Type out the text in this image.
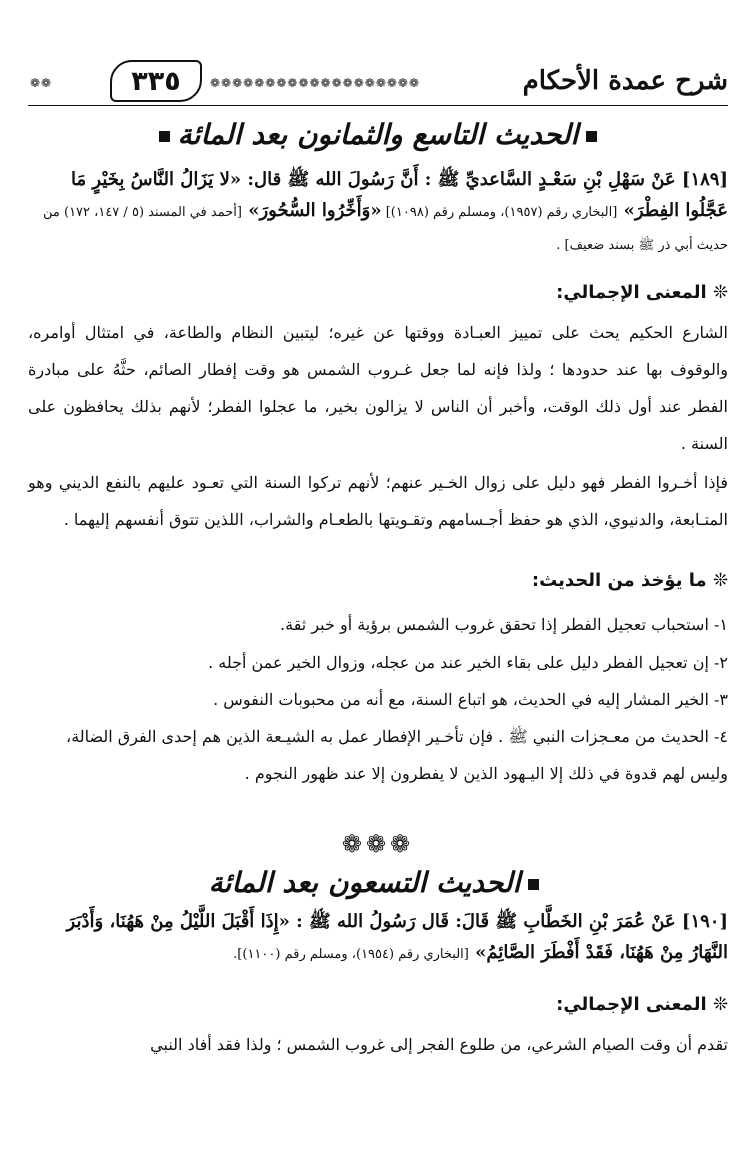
شرح عمدة الأحكام
❁❁❁❁❁❁❁❁❁❁❁❁❁❁❁❁❁❁❁
٣٣٥
❁❁
الحديث التاسع والثمانون بعد المائة
[١٨٩] عَنْ سَهْلِ بْنِ سَعْـدٍ السَّاعديِّ ﷺ : أَنَّ رَسُولَ الله ﷺ قال: «لا يَزَالُ النَّاسُ بِخَيْرٍ مَا عَجَّلُوا الفِطْرَ» [البخاري رقم (١٩٥٧)، ومسلم رقم (١٠٩٨)] «وَأَخِّرُوا السُّحُورَ» [أحمد في المسند (٥ / ١٤٧، ١٧٢) من حديث أبي ذر ﷺ بسند ضعيف] .
❊ المعنى الإجمالي:
الشارع الحكيم يحث على تمييز العبـادة ووقتها عن غيره؛ ليتبين النظام والطاعة، في امتثال أوامره، والوقوف بها عند حدودها ؛ ولذا فإنه لما جعل غـروب الشمس هو وقت إفطار الصائم، حثَّهُ على مبادرة الفطر عند أول ذلك الوقت، وأخبر أن الناس لا يزالون بخير، ما عجلوا الفطر؛ لأنهم بذلك يحافظون على السنة .
فإذا أخـروا الفطر فهو دليل على زوال الخـير عنهم؛ لأنهم تركوا السنة التي تعـود عليهم بالنفع الديني وهو المتـابعة، والدنيوي، الذي هو حفظ أجـسامهم وتقـويتها بالطعـام والشراب، اللذين تتوق أنفسهم إليهما .
❊ ما يؤخذ من الحديث:
١- استحباب تعجيل الفطر إذا تحقق غروب الشمس برؤية أو خبر ثقة.
٢- إن تعجيل الفطر دليل على بقاء الخير عند من عجله، وزوال الخير عمن أجله .
٣- الخير المشار إليه في الحديث، هو اتباع السنة، مع أنه من محبوبات النفوس .
٤- الحديث من معـجزات النبي ﷺ . فإن تأخـير الإفطار عمل به الشيـعة الذين هم إحدى الفرق الضالة، وليس لهم قدوة في ذلك إلا اليـهود الذين لا يفطرون إلا عند ظهور النجوم .
❁❁❁
الحديث التسعون بعد المائة
[١٩٠] عَنْ عُمَرَ بْنِ الخَطَّابِ ﷺ قَالَ: قَال رَسُولُ الله ﷺ : «إِذَا أَقْبَلَ اللَّيْلُ مِنْ هَهُنَا، وَأَدْبَرَ النَّهَارُ مِنْ هَهُنَا، فَقَدْ أَفْطَرَ الصَّائِمُ» [البخاري رقم (١٩٥٤)، ومسلم رقم (١١٠٠)].
❊ المعنى الإجمالي:
تقدم أن وقت الصيام الشرعي، من طلوع الفجر إلى غروب الشمس ؛ ولذا فقد أفاد النبي
